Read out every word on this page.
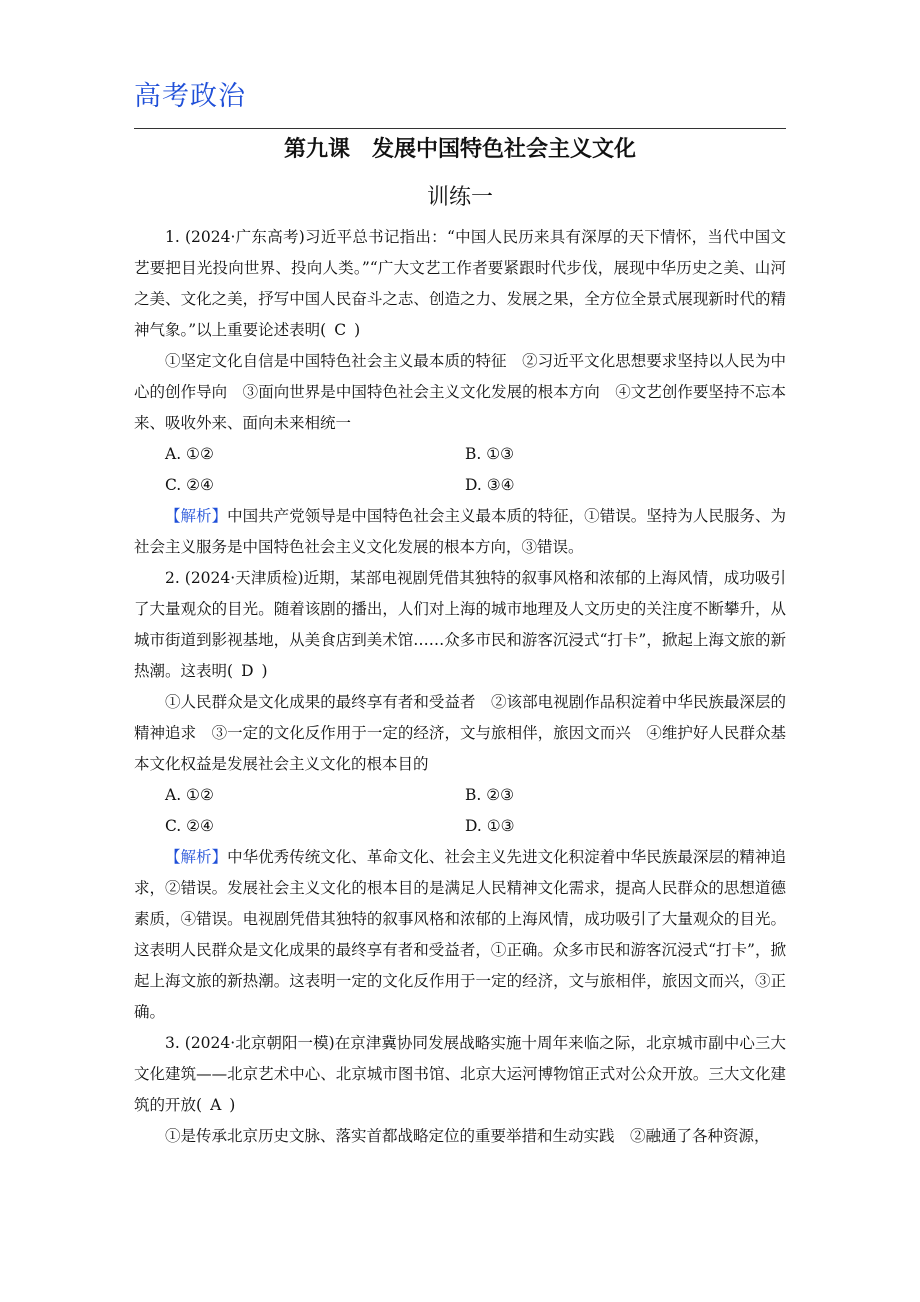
高考政治
第九课　发展中国特色社会主义文化
训练一

1. (2024·广东高考)习近平总书记指出：“中国人民历来具有深厚的天下情怀，当代中国文艺要把目光投向世界、投向人类。”“广大文艺工作者要紧跟时代步伐，展现中华历史之美、山河之美、文化之美，抒写中国人民奋斗之志、创造之力、发展之果，全方位全景式展现新时代的精神气象。”以上重要论述表明( C )

①坚定文化自信是中国特色社会主义最本质的特征　②习近平文化思想要求坚持以人民为中心的创作导向　③面向世界是中国特色社会主义文化发展的根本方向　④文艺创作要坚持不忘本来、吸收外来、面向未来相统一

A. ①②	B. ①③
C. ②④	D. ③④

【解析】中国共产党领导是中国特色社会主义最本质的特征，①错误。坚持为人民服务、为社会主义服务是中国特色社会主义文化发展的根本方向，③错误。

2. (2024·天津质检)近期，某部电视剧凭借其独特的叙事风格和浓郁的上海风情，成功吸引了大量观众的目光。随着该剧的播出，人们对上海的城市地理及人文历史的关注度不断攀升，从城市街道到影视基地，从美食店到美术馆……众多市民和游客沉浸式“打卡”，掀起上海文旅的新热潮。这表明( D )

①人民群众是文化成果的最终享有者和受益者　②该部电视剧作品积淀着中华民族最深层的精神追求　③一定的文化反作用于一定的经济，文与旅相伴，旅因文而兴　④维护好人民群众基本文化权益是发展社会主义文化的根本目的

A. ①②	B. ②③
C. ②④	D. ①③

【解析】中华优秀传统文化、革命文化、社会主义先进文化积淀着中华民族最深层的精神追求，②错误。发展社会主义文化的根本目的是满足人民精神文化需求，提高人民群众的思想道德素质，④错误。电视剧凭借其独特的叙事风格和浓郁的上海风情，成功吸引了大量观众的目光。这表明人民群众是文化成果的最终享有者和受益者，①正确。众多市民和游客沉浸式“打卡”，掀起上海文旅的新热潮。这表明一定的文化反作用于一定的经济，文与旅相伴，旅因文而兴，③正确。

3. (2024·北京朝阳一模)在京津冀协同发展战略实施十周年来临之际，北京城市副中心三大文化建筑——北京艺术中心、北京城市图书馆、北京大运河博物馆正式对公众开放。三大文化建筑的开放( A )

①是传承北京历史文脉、落实首都战略定位的重要举措和生动实践　②融通了各种资源，
